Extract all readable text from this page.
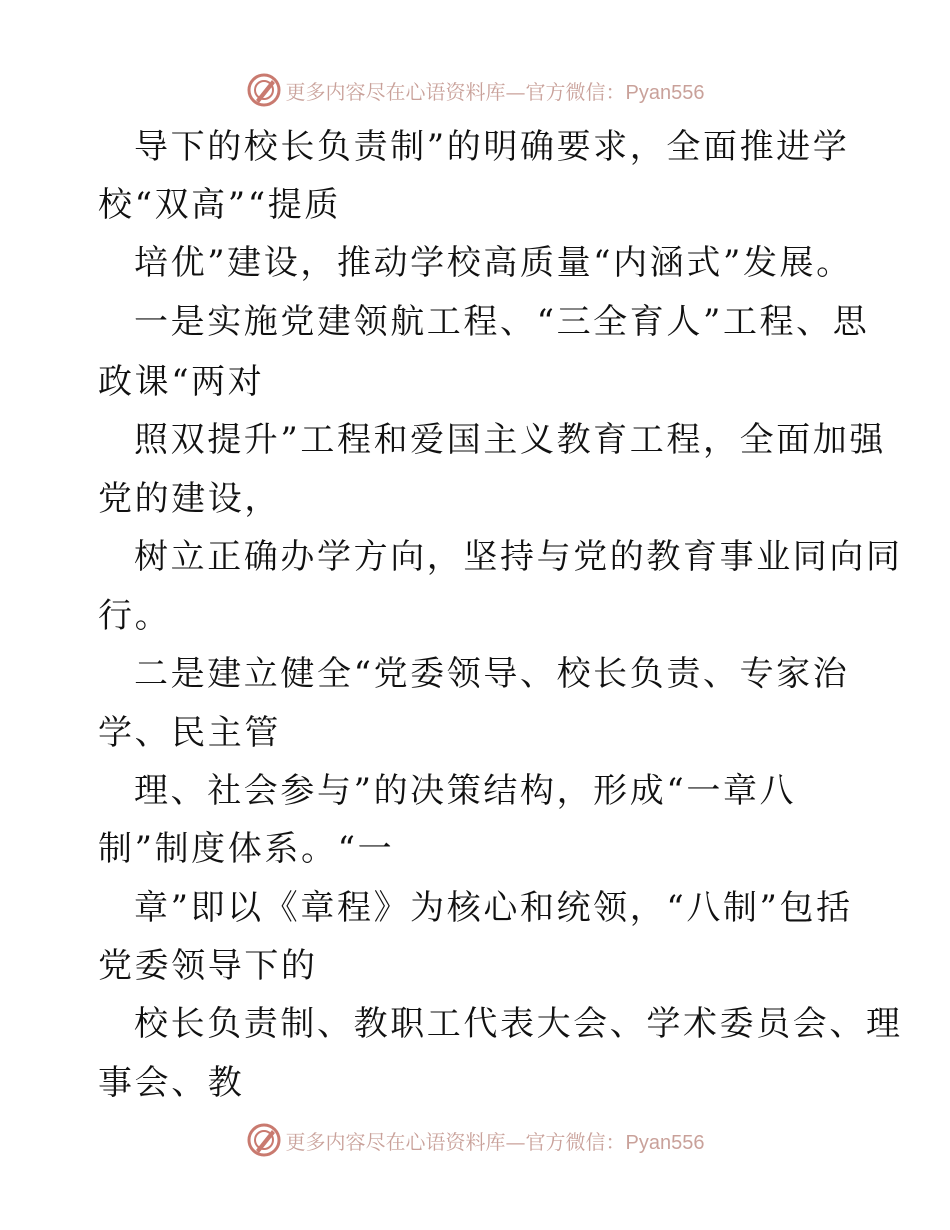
更多内容尽在心语资料库—官方微信：Pyan556
导下的校长负责制”的明确要求，全面推进学
校“双高”“提质
培优”建设，推动学校高质量“内涵式”发展。
一是实施党建领航工程、“三全育人”工程、思
政课“两对
照双提升”工程和爱国主义教育工程，全面加强
党的建设，
树立正确办学方向，坚持与党的教育事业同向同
行。
二是建立健全“党委领导、校长负责、专家治
学、民主管
理、社会参与”的决策结构，形成“一章八
制”制度体系。“一
章”即以《章程》为核心和统领，“八制”包括
党委领导下的
校长负责制、教职工代表大会、学术委员会、理
事会、教
更多内容尽在心语资料库—官方微信：Pyan556
